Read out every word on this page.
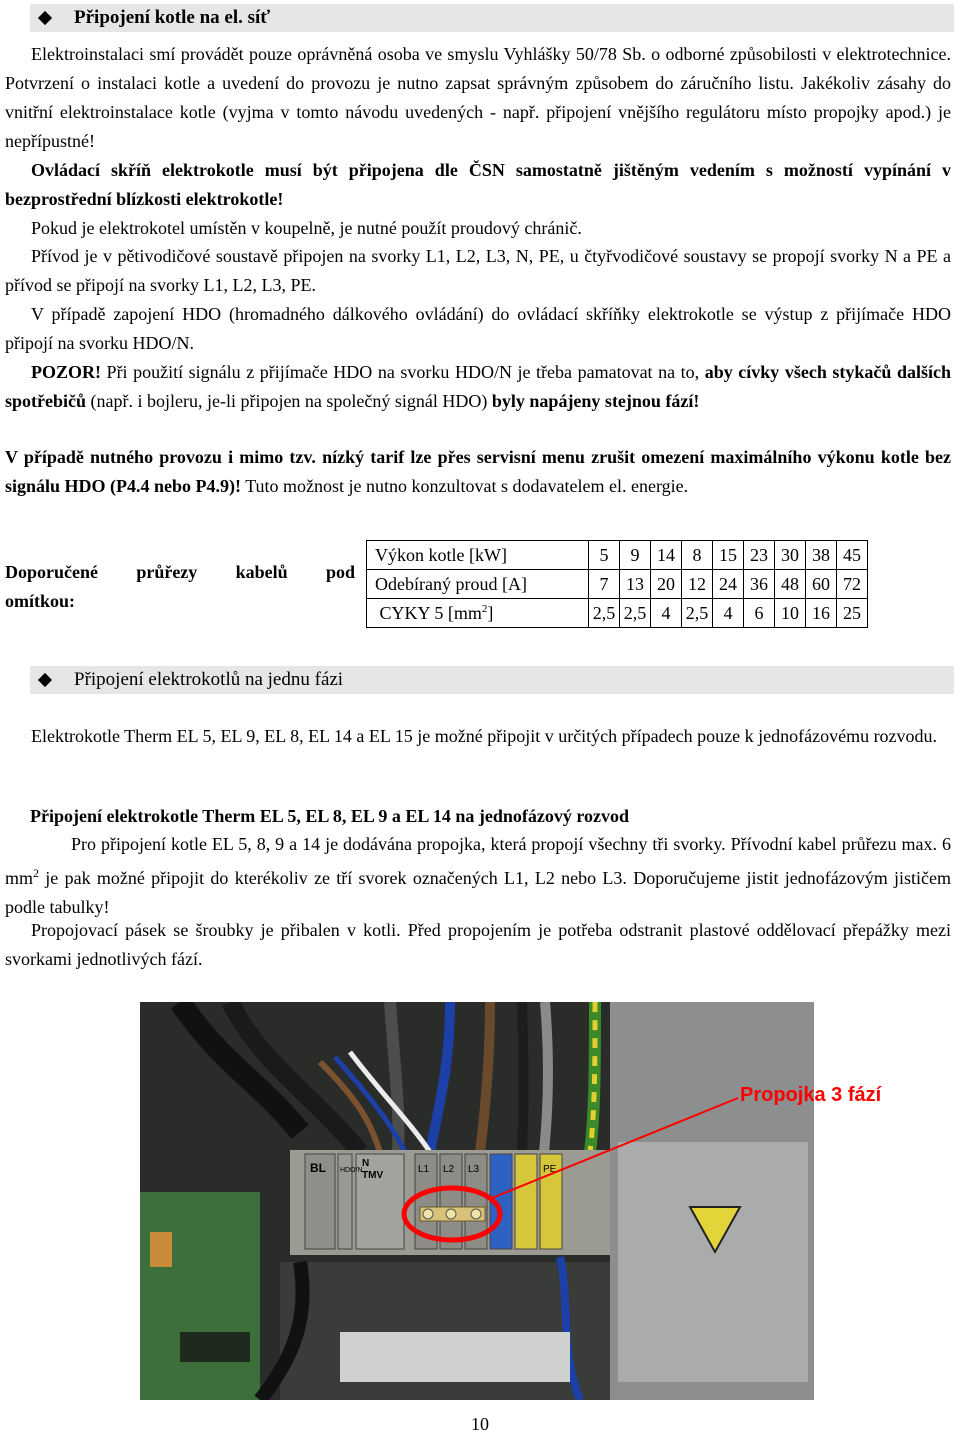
Připojení kotle na el. síť
Elektroinstalaci smí provádět pouze oprávněná osoba ve smyslu Vyhlášky 50/78 Sb. o odborné způsobilosti v elektrotechnice. Potvrzení o instalaci kotle a uvedení do provozu je nutno zapsat správným způsobem do záručního listu. Jakékoliv zásahy do vnitřní elektroinstalace kotle (vyjma v tomto návodu uvedených - např. připojení vnějšího regulátoru místo propojky apod.) je nepřípustné!
Ovládací skříň elektrokotle musí být připojena dle ČSN samostatně jištěným vedením s možností vypínání v bezprostřední blízkosti elektrokotle!
Pokud je elektrokotel umístěn v koupelně, je nutné použít proudový chránič.
Přívod je v pětivodičové soustavě připojen na svorky L1, L2, L3, N, PE, u čtyřvodičové soustavy se propojí svorky N a PE a přívod se připojí na svorky L1, L2, L3, PE.
V případě zapojení HDO (hromadného dálkového ovládání) do ovládací skříňky elektrokotle se výstup z přijímače HDO připojí na svorku HDO/N.
POZOR! Při použití signálu z přijímače HDO na svorku HDO/N je třeba pamatovat na to, aby cívky všech stykačů dalších spotřebičů (např. i bojleru, je-li připojen na společný signál HDO) byly napájeny stejnou fází!
V případě nutného provozu i mimo tzv. nízký tarif lze přes servisní menu zrušit omezení maximálního výkonu kotle bez signálu HDO (P4.4 nebo P4.9)! Tuto možnost je nutno konzultovat s dodavatelem el. energie.
Doporučené průřezy kabelů pod
omítkou:
Výkon kotle [kW]	5	9	14	8	15	23	30	38	45
Odebíraný proud [A]	7	13	20	12	24	36	48	60	72
CYKY 5 $[mm^2]$	2,5	2,5	4	2,5	4	6	10	16	25
Připojení elektrokotlů na jednu fázi
Elektrokotle Therm EL 5, EL 9, EL 8, EL 14 a EL 15 je možné připojit v určitých případech pouze k jednofázovému rozvodu.
Připojení elektrokotle Therm EL 5, EL 8, EL 9 a EL 14 na jednofázový rozvod
Pro připojení kotle EL 5, 8, 9 a 14 je dodávána propojka, která propojí všechny tři svorky. Přívodní kabel průřezu max. 6 $mm^2$ je pak možné připojit do kterékoliv ze tří svorek označených L1, L2 nebo L3. Doporučujeme jistit jednofázovým jističem podle tabulky!
Propojovací pásek se šroubky je přibalen v kotli. Před propojením je potřeba odstranit plastové oddělovací přepážky mezi svorkami jednotlivých fází.
BL HDO/N
N
TMV
L1 L2 L3	PE
Propojka 3 fází
10
